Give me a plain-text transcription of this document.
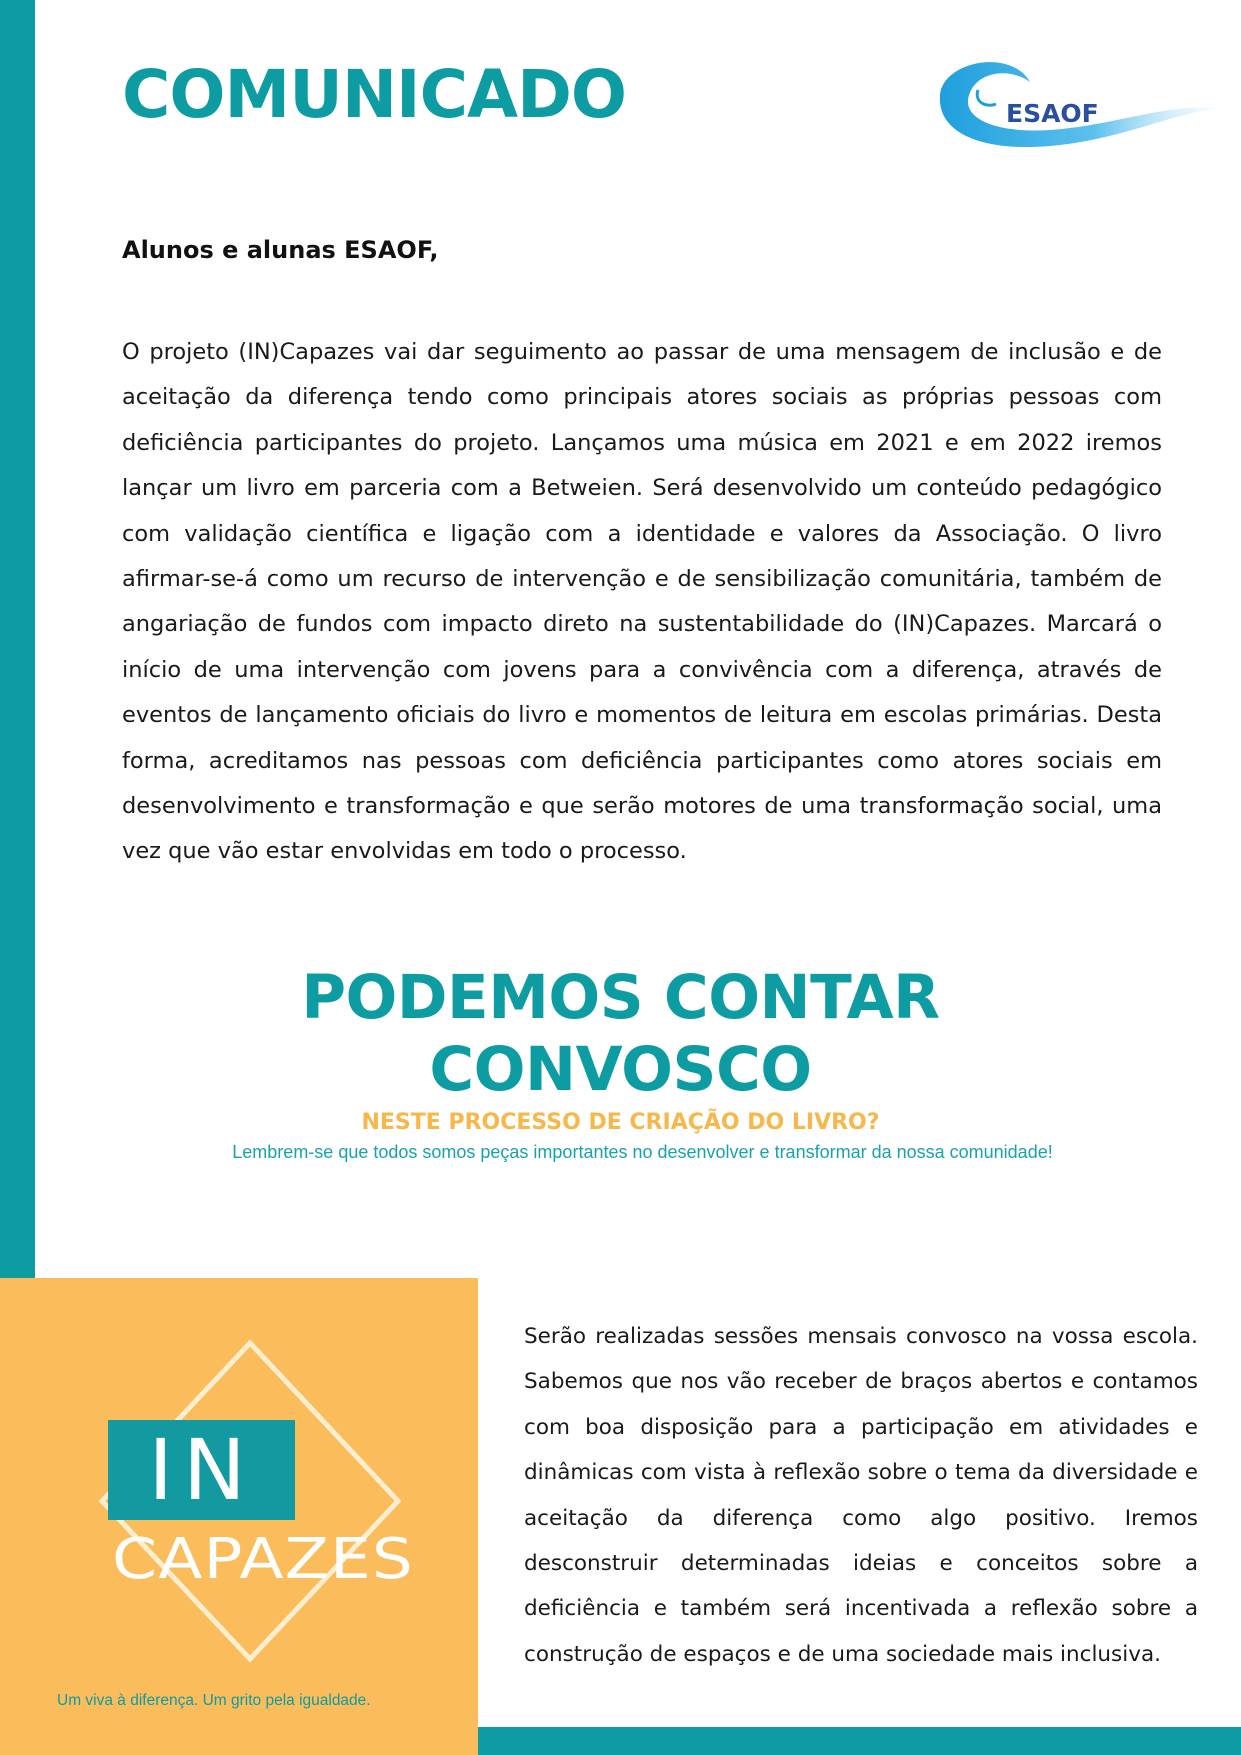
COMUNICADO	ESAOF

Alunos e alunas ESAOF,

O projeto (IN)Capazes vai dar seguimento ao passar de uma mensagem de inclusão e de aceitação da diferença tendo como principais atores sociais as próprias pessoas com deficiência participantes do projeto. Lançamos uma música em 2021 e em 2022 iremos lançar um livro em parceria com a Betweien. Será desenvolvido um conteúdo pedagógico com validação científica e ligação com a identidade e valores da Associação. O livro afirmar-se-á como um recurso de intervenção e de sensibilização comunitária, também de angariação de fundos com impacto direto na sustentabilidade do (IN)Capazes. Marcará o início de uma intervenção com jovens para a convivência com a diferença, através de eventos de lançamento oficiais do livro e momentos de leitura em escolas primárias. Desta forma, acreditamos nas pessoas com deficiência participantes como atores sociais em desenvolvimento e transformação e que serão motores de uma transformação social, uma vez que vão estar envolvidas em todo o processo.

PODEMOS CONTAR
CONVOSCO

NESTE PROCESSO DE CRIAÇÃO DO LIVRO?

Lembrem-se que todos somos peças importantes no desenvolver e transformar da nossa comunidade!

IN
CAPAZES

Um viva à diferença. Um grito pela igualdade.

Serão realizadas sessões mensais convosco na vossa escola. Sabemos que nos vão receber de braços abertos e contamos com boa disposição para a participação em atividades e dinâmicas com vista à reflexão sobre o tema da diversidade e aceitação da diferença como algo positivo. Iremos desconstruir determinadas ideias e conceitos sobre a deficiência e também será incentivada a reflexão sobre a construção de espaços e de uma sociedade mais inclusiva.
